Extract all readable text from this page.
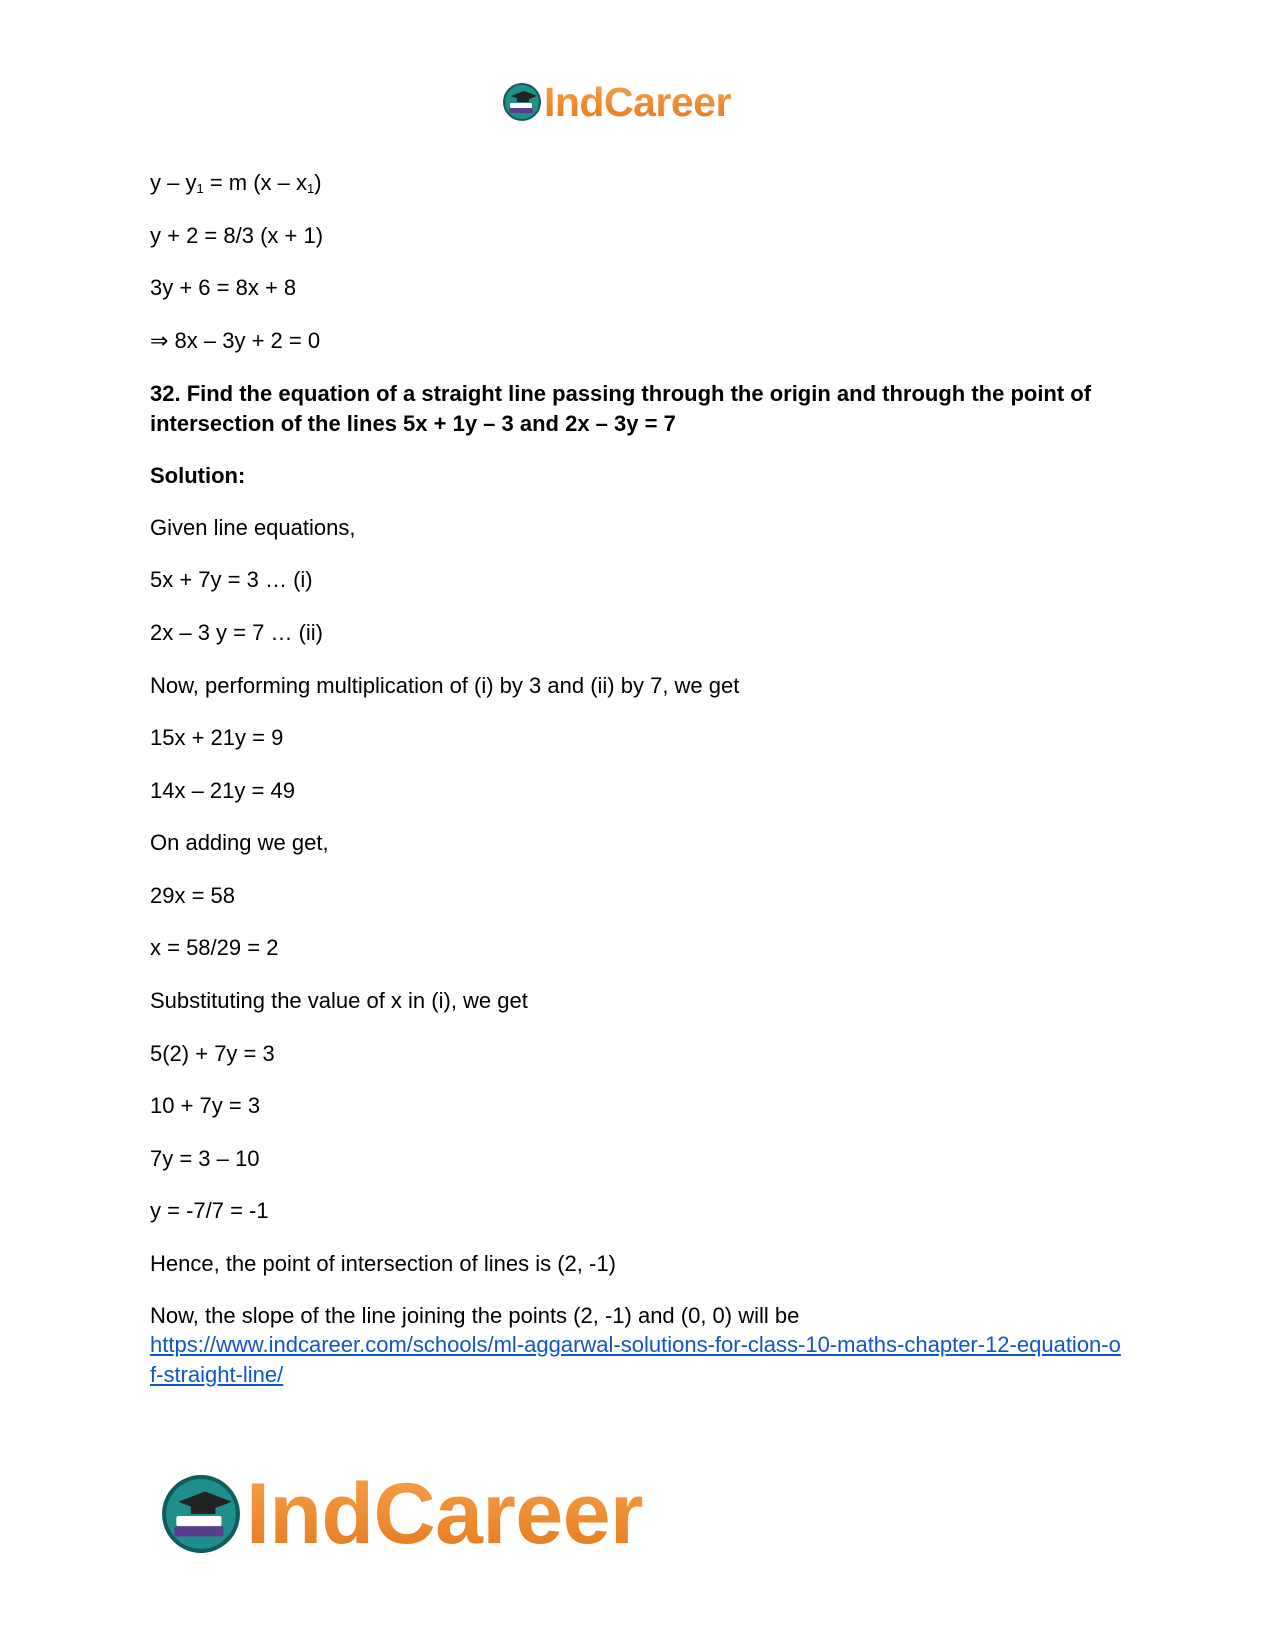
IndCareer
$y - y_1 = m$ $(x - x_1)$
y + 2 = 8/3 (x + 1)
3y + 6 = 8x + 8
⇒ 8x – 3y + 2 = 0
32. Find the equation of a straight line passing through the origin and through the point of intersection of the lines 5x + 1y – 3 and 2x – 3y = 7
Solution:
Given line equations,
5x + 7y = 3 … (i)
2x – 3 y = 7 … (ii)
Now, performing multiplication of (i) by 3 and (ii) by 7, we get
15x + 21y = 9
14x – 21y = 49
On adding we get,
29x = 58
x = 58/29 = 2
Substituting the value of x in (i), we get
5(2) + 7y = 3
10 + 7y = 3
7y = 3 – 10
y = -7/7 = -1
Hence, the point of intersection of lines is (2, -1)
Now, the slope of the line joining the points (2, -1) and (0, 0) will be
https://www.indcareer.com/schools/ml-aggarwal-solutions-for-class-10-maths-chapter-12-equation-of-straight-line/
IndCareer
